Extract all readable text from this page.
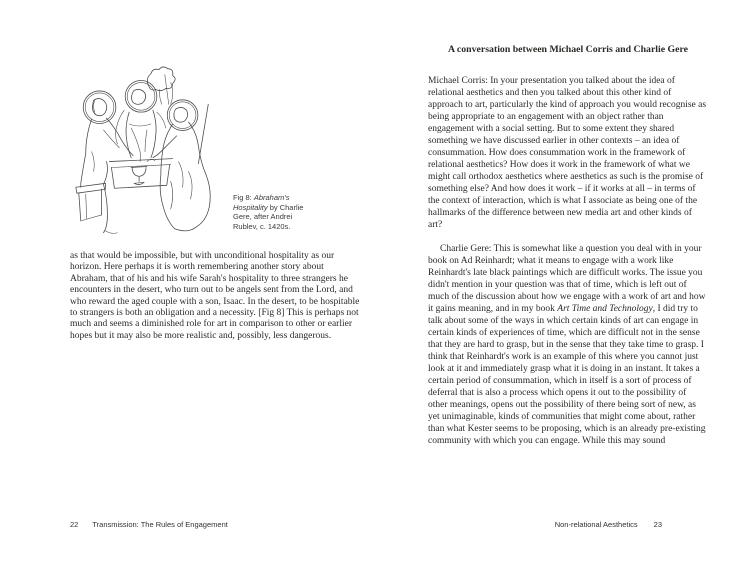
Fig 8: Abraham's Hospitality by Charlie Gere, after Andrei Rublev, c. 1420s.
as that would be impossible, but with unconditional hospitality as our horizon. Here perhaps it is worth remembering another story about Abraham, that of his and his wife Sarah's hospitality to three strangers he encounters in the desert, who turn out to be angels sent from the Lord, and who reward the aged couple with a son, Isaac. In the desert, to be hospitable to strangers is both an obligation and a necessity. [Fig 8] This is perhaps not much and seems a diminished role for art in comparison to other or earlier hopes but it may also be more realistic and, possibly, less dangerous.
22 Transmission: The Rules of Engagement
A conversation between Michael Corris and Charlie Gere

Michael Corris: In your presentation you talked about the idea of relational aesthetics and then you talked about this other kind of approach to art, particularly the kind of approach you would recognise as being appropriate to an engagement with an object rather than engagement with a social setting. But to some extent they shared something we have discussed earlier in other contexts – an idea of consummation. How does consummation work in the framework of relational aesthetics? How does it work in the framework of what we might call orthodox aesthetics where aesthetics as such is the promise of something else? And how does it work – if it works at all – in terms of the context of interaction, which is what I associate as being one of the hallmarks of the difference between new media art and other kinds of art?

Charlie Gere: This is somewhat like a question you deal with in your book on Ad Reinhardt; what it means to engage with a work like Reinhardt's late black paintings which are difficult works. The issue you didn't mention in your question was that of time, which is left out of much of the discussion about how we engage with a work of art and how it gains meaning, and in my book Art Time and Technology, I did try to talk about some of the ways in which certain kinds of art can engage in certain kinds of experiences of time, which are difficult not in the sense that they are hard to grasp, but in the sense that they take time to grasp. I think that Reinhardt's work is an example of this where you cannot just look at it and immediately grasp what it is doing in an instant. It takes a certain period of consummation, which in itself is a sort of process of deferral that is also a process which opens it out to the possibility of other meanings, opens out the possibility of there being sort of new, as yet unimaginable, kinds of communities that might come about, rather than what Kester seems to be proposing, which is an already pre-existing community with which you can engage. While this may sound

Non-relational Aesthetics 23
